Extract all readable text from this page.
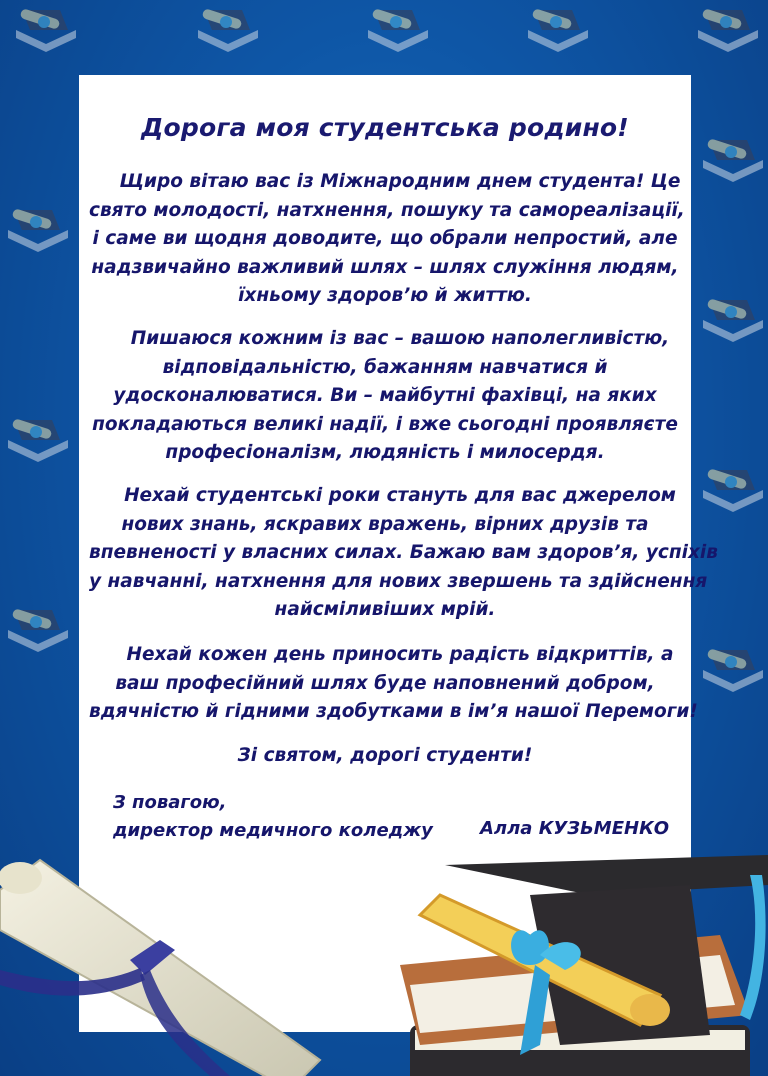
Дорога моя студентська родино!
Щиро вітаю вас із Міжнародним днем студента! Це
свято молодості, натхнення, пошуку та самореалізації,
і саме ви щодня доводите, що обрали непростий, але
надзвичайно важливий шлях – шлях служіння людям,
їхньому здоров’ю й життю.
Пишаюся кожним із вас – вашою наполегливістю,
відповідальністю, бажанням навчатися й
удосконалюватися. Ви – майбутні фахівці, на яких
покладаються великі надії, і вже сьогодні проявляєте
професіоналізм, людяність і милосердя.
Нехай студентські роки стануть для вас джерелом
нових знань, яскравих вражень, вірних друзів та
впевненості у власних силах. Бажаю вам здоров’я, успіхів
у навчанні, натхнення для нових звершень та здійснення
найсміливіших мрій.
Нехай кожен день приносить радість відкриттів, а
ваш професійний шлях буде наповнений добром,
вдячністю й гідними здобутками в ім’я нашої Перемоги!
Зі святом, дорогі студенти!
З повагою,
директор медичного коледжу	Алла КУЗЬМЕНКО
